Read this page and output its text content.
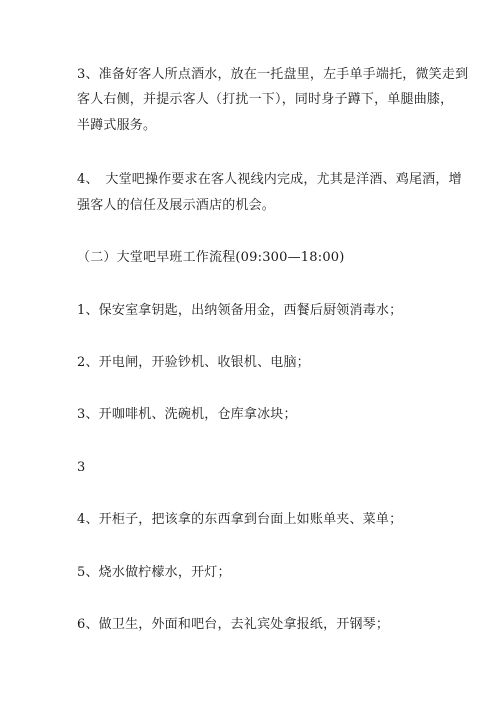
3、准备好客人所点酒水，放在一托盘里，左手单手端托，微笑走到

客人右侧，并提示客人（打扰一下），同时身子蹲下，单腿曲膝，

半蹲式服务。

4、　大堂吧操作要求在客人视线内完成，尤其是洋酒、鸡尾酒，增

强客人的信任及展示酒店的机会。

（二）大堂吧早班工作流程(09:300—18:00)

1、保安室拿钥匙，出纳领备用金，西餐后厨领消毒水；

2、开电闸，开验钞机、收银机、电脑；

3、开咖啡机、洗碗机，仓库拿冰块；

3

4、开柜子，把该拿的东西拿到台面上如账单夹、菜单；

5、烧水做柠檬水，开灯；

6、做卫生，外面和吧台，去礼宾处拿报纸，开钢琴；
